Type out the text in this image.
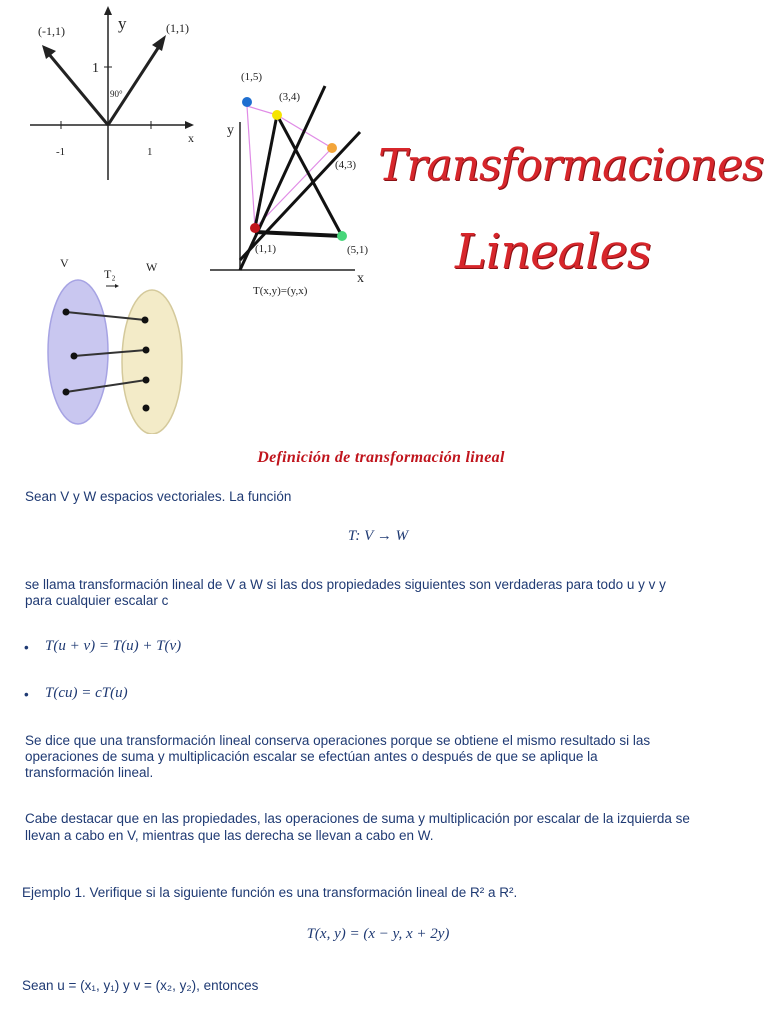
(-1,1)	(1,1)
y
x
1
-1	1
90°
(1,5)
(3,4)
(4,3)
(1,1)	(5,1)
y
x
T(x,y)=(y,x)
V	W
T₂
Transformaciones
Lineales
Definición de transformación lineal
Sean V y W espacios vectoriales. La función
T: V → W
se llama transformación lineal de V a W si las dos propiedades siguientes son verdaderas para todo u y v y
para cualquier escalar c
• T(u + v) = T(u) + T(v)
• T(cu) = cT(u)
Se dice que una transformación lineal conserva operaciones porque se obtiene el mismo resultado si las
operaciones de suma y multiplicación escalar se efectúan antes o después de que se aplique la
transformación lineal.
Cabe destacar que en las propiedades, las operaciones de suma y multiplicación por escalar de la izquierda se
llevan a cabo en V, mientras que las derecha se llevan a cabo en W.
Ejemplo 1. Verifique si la siguiente función es una transformación lineal de R² a R².
T(x, y) = (x − y, x + 2y)
Sean u = (x₁, y₁) y v = (x₂, y₂), entonces
